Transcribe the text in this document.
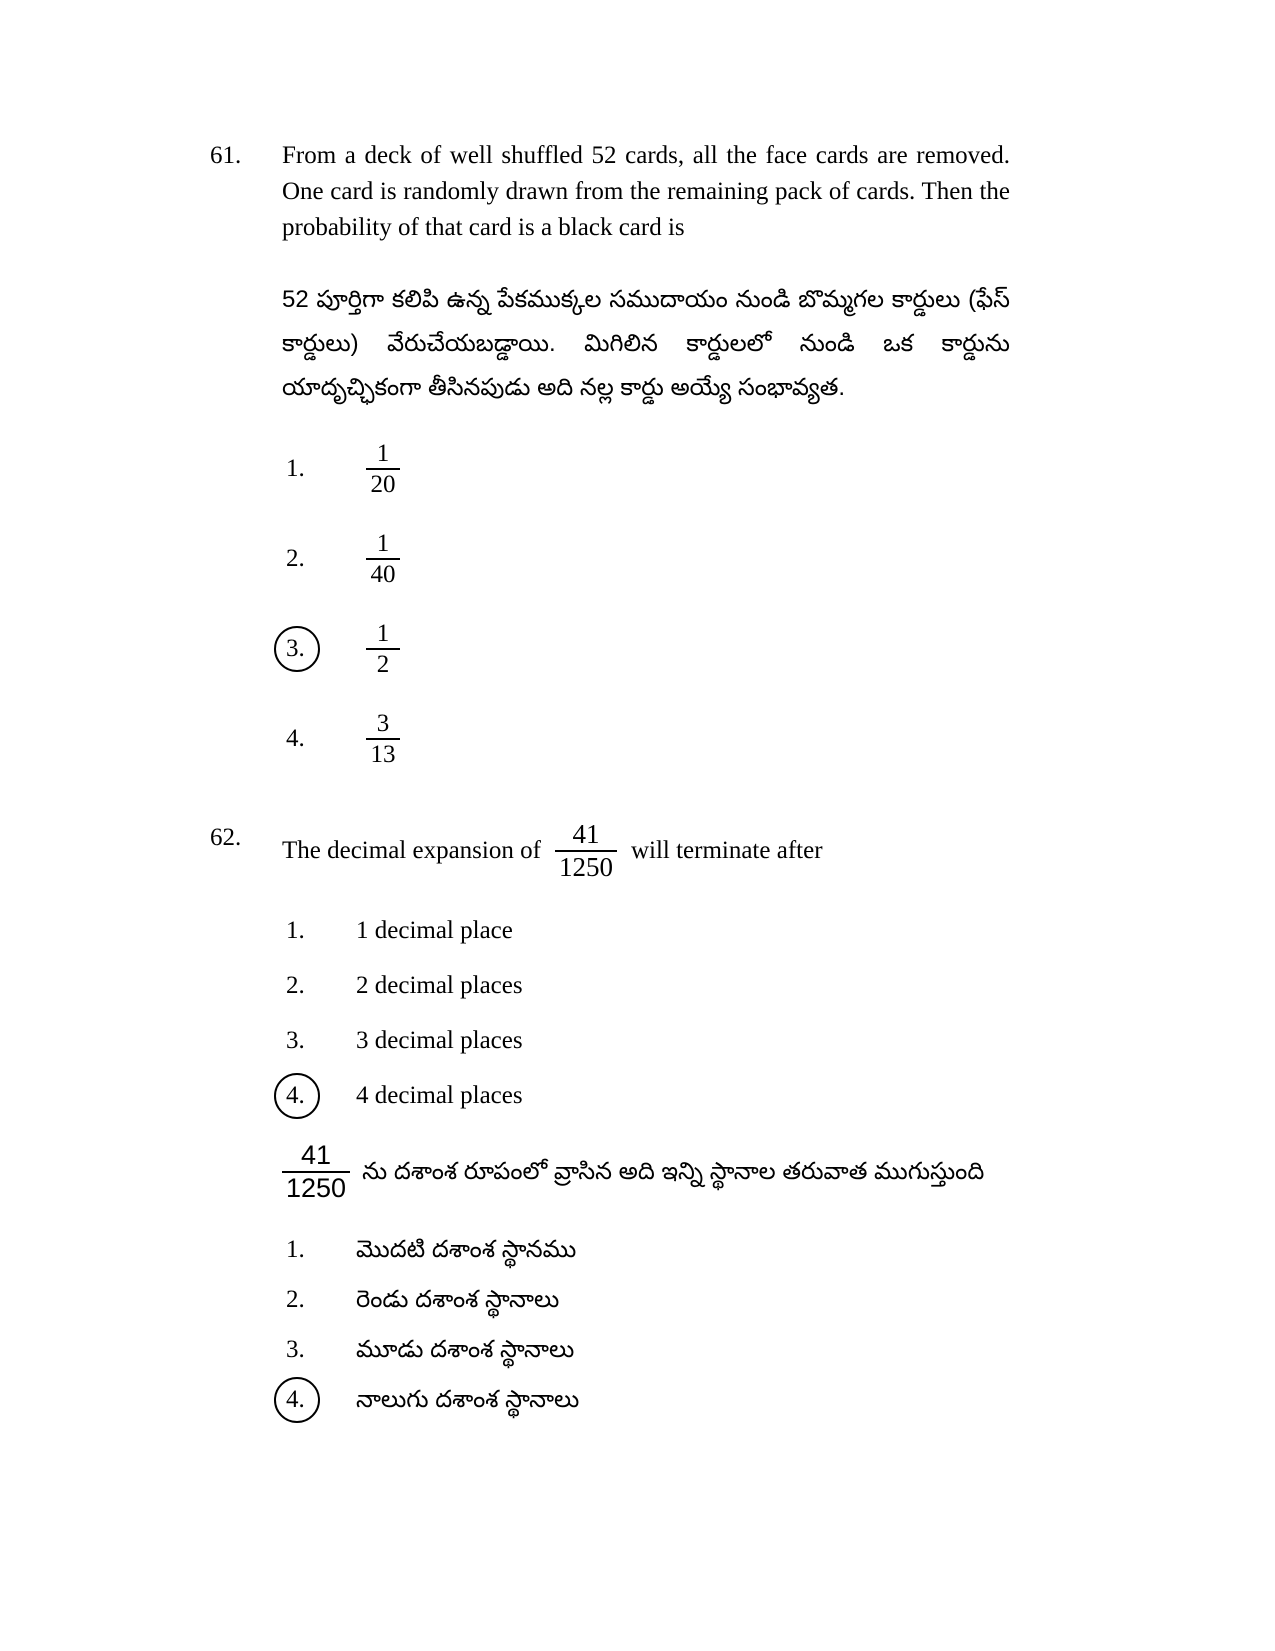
61.	From a deck of well shuffled 52 cards, all the face cards are removed. One card is randomly drawn from the remaining pack of cards. Then the probability of that card is a black card is
52 పూర్తిగా కలిపి ఉన్న పేకముక్కల సముదాయం నుండి బొమ్మగల కార్డులు (ఫేస్ కార్డులు) వేరుచేయబడ్డాయి. మిగిలిన కార్డులలో నుండి ఒక కార్డును యాదృచ్ఛికంగా తీసినపుడు అది నల్ల కార్డు అయ్యే సంభావ్యత.
1.	$\frac{1}{20}$
2.	$\frac{1}{40}$
3.	$\frac{1}{2}$
4.	$\frac{3}{13}$
62.	The decimal expansion of $\frac{41}{1250}$ will terminate after
1.	1 decimal place
2.	2 decimal places
3.	3 decimal places
4.	4 decimal places
$\frac{41}{1250}$ ను దశాంశ రూపంలో వ్రాసిన అది ఇన్ని స్థానాల తరువాత ముగుస్తుంది
1.	మొదటి దశాంశ స్థానము
2.	రెండు దశాంశ స్థానాలు
3.	మూడు దశాంశ స్థానాలు
4.	నాలుగు దశాంశ స్థానాలు
